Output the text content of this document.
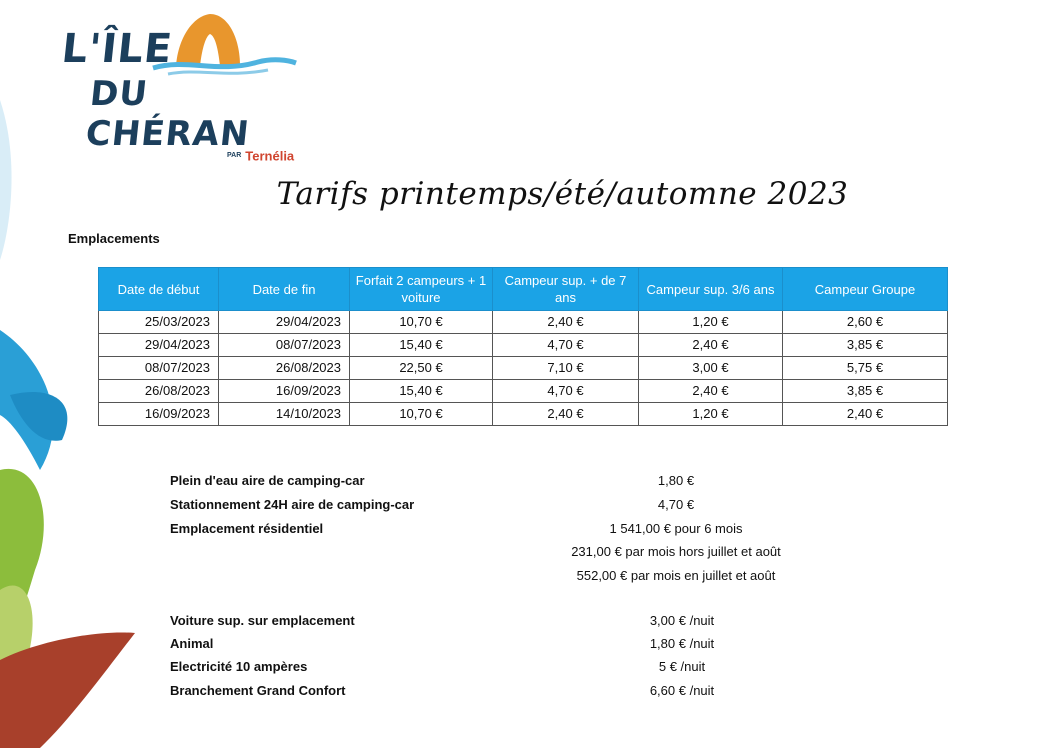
L'ÎLE
DU CHÉRAN
PAR Ternélia
Tarifs printemps/été/automne 2023
Emplacements
Date de début	Date de fin	Forfait 2 campeurs + 1 voiture	Campeur sup. + de 7 ans	Campeur sup. 3/6 ans	Campeur Groupe
25/03/2023	29/04/2023	10,70 €	2,40 €	1,20 €	2,60 €
29/04/2023	08/07/2023	15,40 €	4,70 €	2,40 €	3,85 €
08/07/2023	26/08/2023	22,50 €	7,10 €	3,00 €	5,75 €
26/08/2023	16/09/2023	15,40 €	4,70 €	2,40 €	3,85 €
16/09/2023	14/10/2023	10,70 €	2,40 €	1,20 €	2,40 €
Plein d'eau aire de camping-car	1,80 €
Stationnement 24H aire de camping-car	4,70 €
Emplacement résidentiel	1 541,00 € pour 6 mois
231,00 € par mois hors juillet et août
552,00 € par mois en juillet et août
Voiture sup. sur emplacement	3,00 € /nuit
Animal	1,80 € /nuit
Electricité 10 ampères	5 € /nuit
Branchement Grand Confort	6,60 € /nuit
